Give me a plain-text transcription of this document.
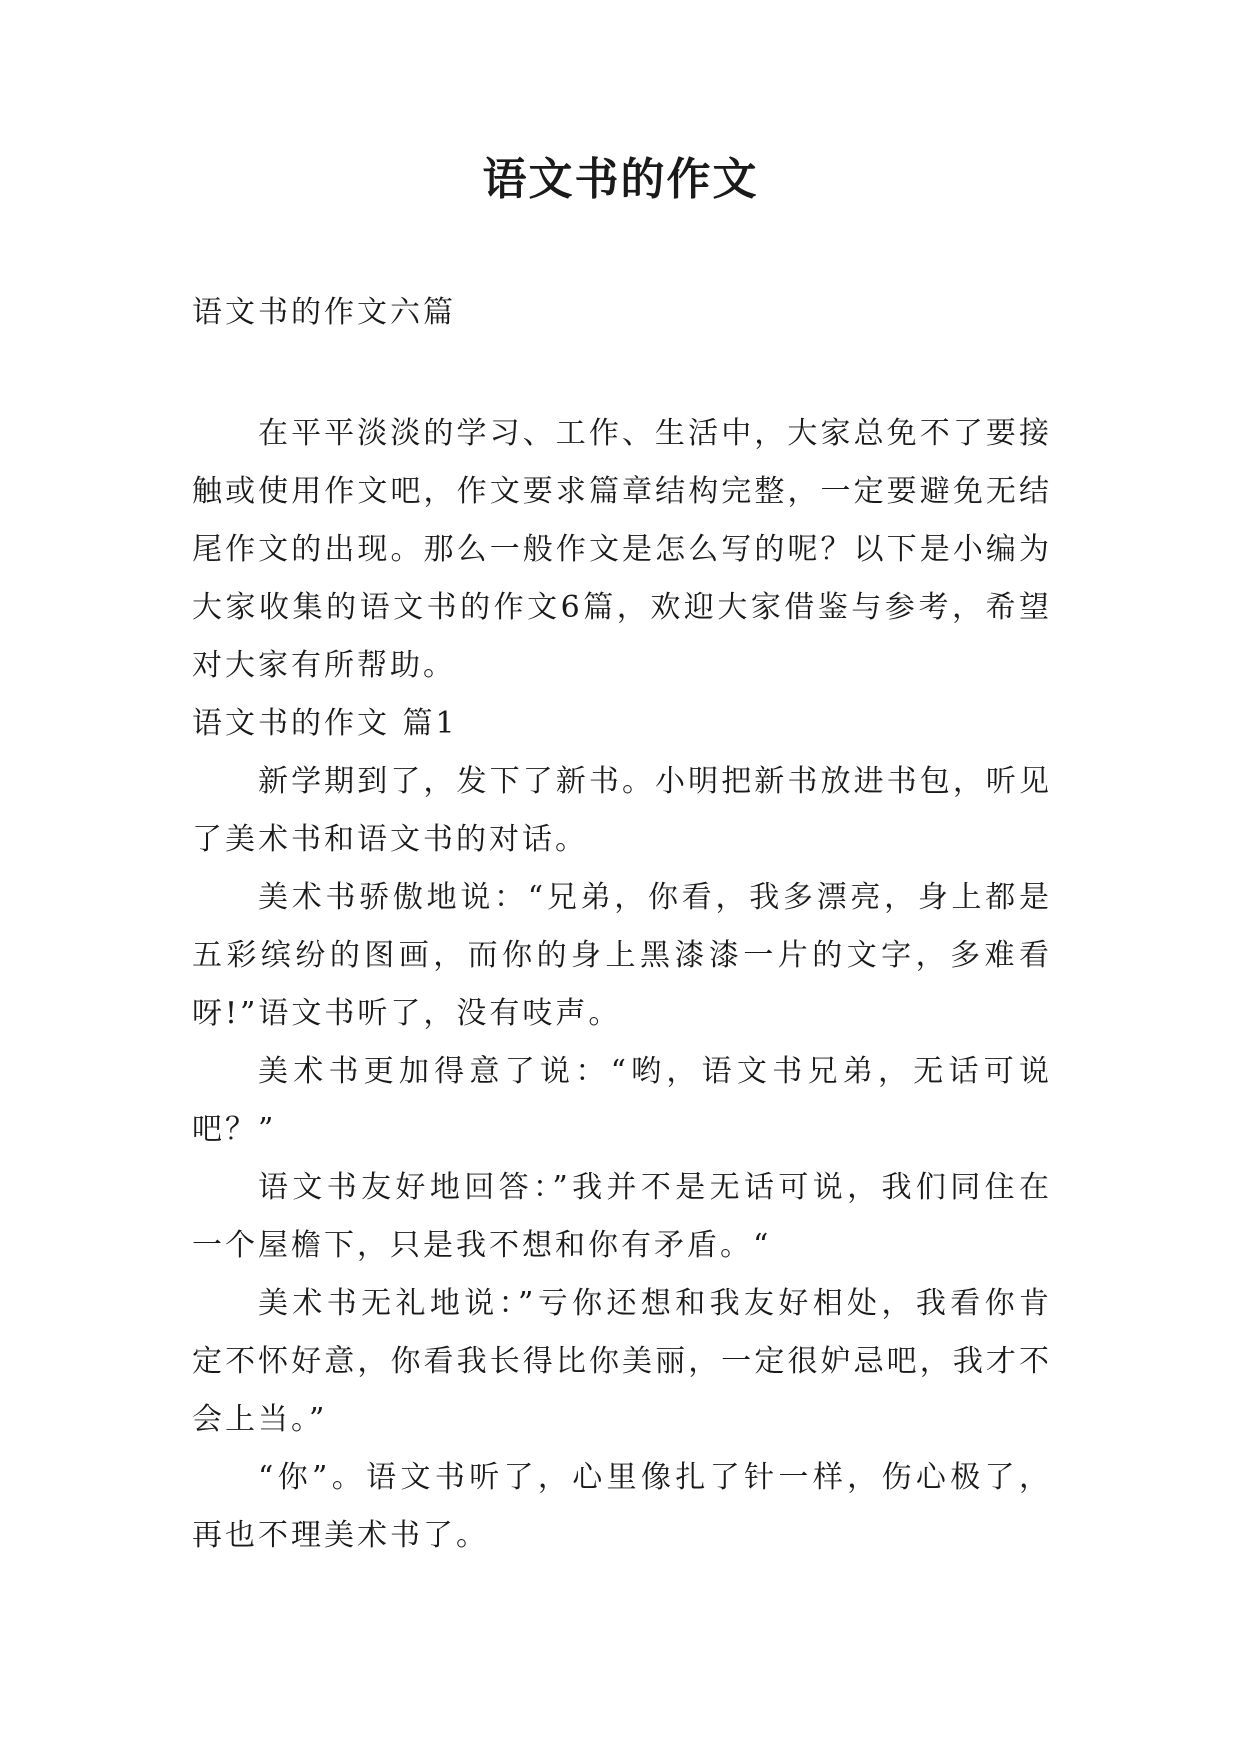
语文书的作文

语文书的作文六篇

在平平淡淡的学习、工作、生活中，大家总免不了要接触或使用作文吧，作文要求篇章结构完整，一定要避免无结尾作文的出现。那么一般作文是怎么写的呢？以下是小编为大家收集的语文书的作文6篇，欢迎大家借鉴与参考，希望对大家有所帮助。

语文书的作文 篇1

新学期到了，发下了新书。小明把新书放进书包，听见了美术书和语文书的对话。

美术书骄傲地说：“兄弟，你看，我多漂亮，身上都是五彩缤纷的图画，而你的身上黑漆漆一片的文字，多难看呀!”语文书听了，没有吱声。

美术书更加得意了说：“哟，语文书兄弟，无话可说吧？”

语文书友好地回答：”我并不是无话可说，我们同住在一个屋檐下，只是我不想和你有矛盾。“

美术书无礼地说：”亏你还想和我友好相处，我看你肯定不怀好意，你看我长得比你美丽，一定很妒忌吧，我才不会上当。”

“你”。语文书听了，心里像扎了针一样，伤心极了，再也不理美术书了。
